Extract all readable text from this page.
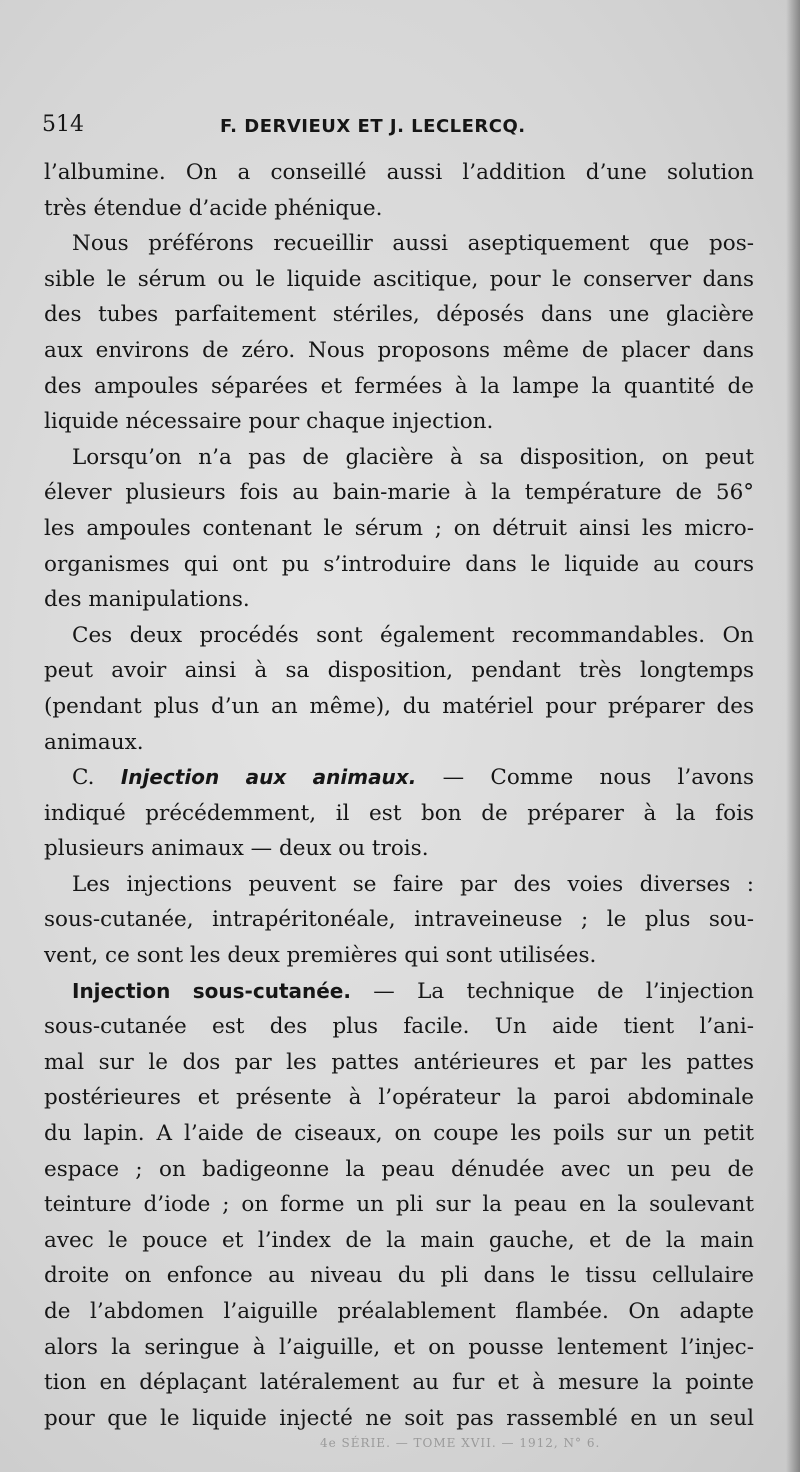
514	F. DERVIEUX ET J. LECLERCQ.
l’albumine. On a conseillé aussi l’addition d’une solution
très étendue d’acide phénique.
Nous préférons recueillir aussi aseptiquement que pos-
sible le sérum ou le liquide ascitique, pour le conserver dans
des tubes parfaitement stériles, déposés dans une glacière
aux environs de zéro. Nous proposons même de placer dans
des ampoules séparées et fermées à la lampe la quantité de
liquide nécessaire pour chaque injection.
Lorsqu’on n’a pas de glacière à sa disposition, on peut
élever plusieurs fois au bain-marie à la température de 56°
les ampoules contenant le sérum ; on détruit ainsi les micro-
organismes qui ont pu s’introduire dans le liquide au cours
des manipulations.
Ces deux procédés sont également recommandables. On
peut avoir ainsi à sa disposition, pendant très longtemps
(pendant plus d’un an même), du matériel pour préparer des
animaux.
C. Injection aux animaux. — Comme nous l’avons
indiqué précédemment, il est bon de préparer à la fois
plusieurs animaux — deux ou trois.
Les injections peuvent se faire par des voies diverses :
sous-cutanée, intrapéritonéale, intraveineuse ; le plus sou-
vent, ce sont les deux premières qui sont utilisées.
Injection sous-cutanée. — La technique de l’injection
sous-cutanée est des plus facile. Un aide tient l’ani-
mal sur le dos par les pattes antérieures et par les pattes
postérieures et présente à l’opérateur la paroi abdominale
du lapin. A l’aide de ciseaux, on coupe les poils sur un petit
espace ; on badigeonne la peau dénudée avec un peu de
teinture d’iode ; on forme un pli sur la peau en la soulevant
avec le pouce et l’index de la main gauche, et de la main
droite on enfonce au niveau du pli dans le tissu cellulaire
de l’abdomen l’aiguille préalablement flambée. On adapte
alors la seringue à l’aiguille, et on pousse lentement l’injec-
tion en déplaçant latéralement au fur et à mesure la pointe
pour que le liquide injecté ne soit pas rassemblé en un seul
4e SÉRIE. — TOME XVII. — 1912, N° 6.
